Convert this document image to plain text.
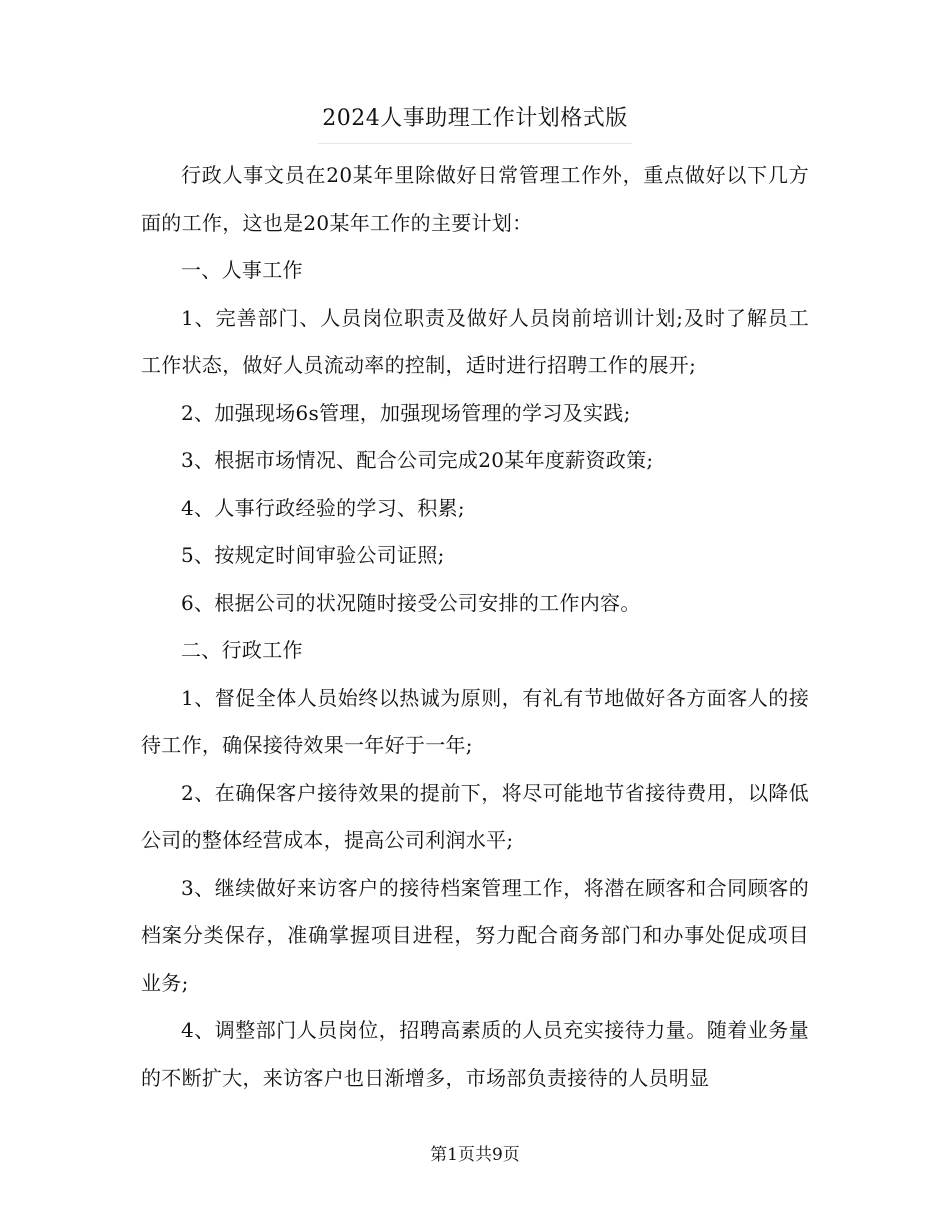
2024人事助理工作计划格式版

行政人事文员在20某年里除做好日常管理工作外，重点做好以下几方面的工作，这也是20某年工作的主要计划：

一、人事工作

1、完善部门、人员岗位职责及做好人员岗前培训计划;及时了解员工工作状态，做好人员流动率的控制，适时进行招聘工作的展开;

2、加强现场6s管理，加强现场管理的学习及实践;

3、根据市场情况、配合公司完成20某年度薪资政策;

4、人事行政经验的学习、积累;

5、按规定时间审验公司证照;

6、根据公司的状况随时接受公司安排的工作内容。

二、行政工作

1、督促全体人员始终以热诚为原则，有礼有节地做好各方面客人的接待工作，确保接待效果一年好于一年;

2、在确保客户接待效果的提前下，将尽可能地节省接待费用，以降低公司的整体经营成本，提高公司利润水平;

3、继续做好来访客户的接待档案管理工作，将潜在顾客和合同顾客的档案分类保存，准确掌握项目进程，努力配合商务部门和办事处促成项目业务;

4、调整部门人员岗位，招聘高素质的人员充实接待力量。随着业务量的不断扩大，来访客户也日渐增多，市场部负责接待的人员明显

第1页共9页
